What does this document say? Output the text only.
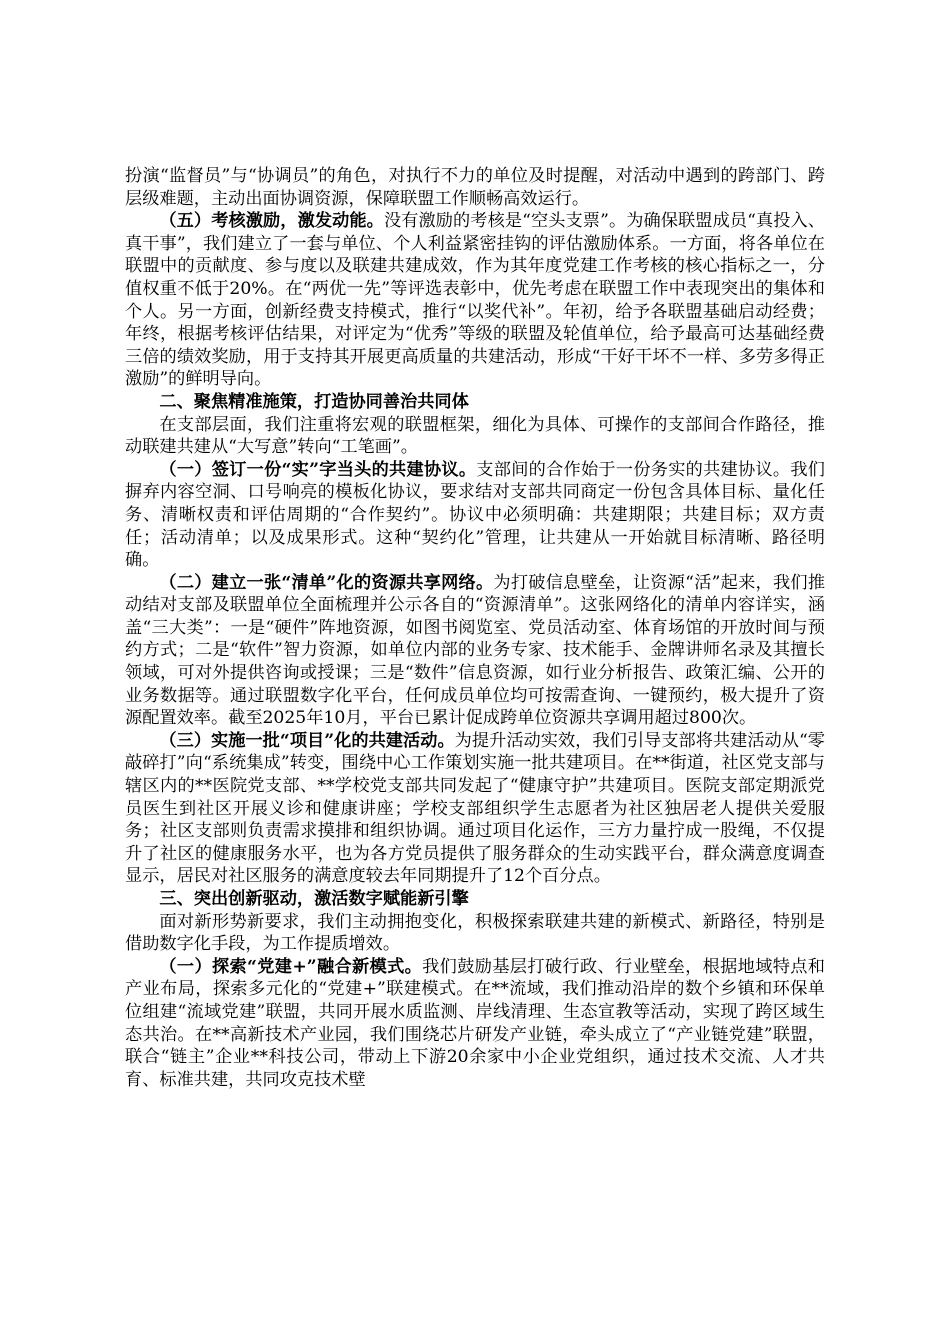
扮演“监督员”与“协调员”的角色，对执行不力的单位及时提醒，对活动中遇到的跨部门、跨层级难题，主动出面协调资源，保障联盟工作顺畅高效运行。

（五）考核激励，激发动能。没有激励的考核是“空头支票”。为确保联盟成员“真投入、真干事”，我们建立了一套与单位、个人利益紧密挂钩的评估激励体系。一方面，将各单位在联盟中的贡献度、参与度以及联建共建成效，作为其年度党建工作考核的核心指标之一，分值权重不低于20%。在“两优一先”等评选表彰中，优先考虑在联盟工作中表现突出的集体和个人。另一方面，创新经费支持模式，推行“以奖代补”。年初，给予各联盟基础启动经费；年终，根据考核评估结果，对评定为“优秀”等级的联盟及轮值单位，给予最高可达基础经费三倍的绩效奖励，用于支持其开展更高质量的共建活动，形成“干好干坏不一样、多劳多得正激励”的鲜明导向。

二、聚焦精准施策，打造协同善治共同体

在支部层面，我们注重将宏观的联盟框架，细化为具体、可操作的支部间合作路径，推动联建共建从“大写意”转向“工笔画”。

（一）签订一份“实”字当头的共建协议。支部间的合作始于一份务实的共建协议。我们摒弃内容空洞、口号响亮的模板化协议，要求结对支部共同商定一份包含具体目标、量化任务、清晰权责和评估周期的“合作契约”。协议中必须明确：共建期限；共建目标；双方责任；活动清单；以及成果形式。这种“契约化”管理，让共建从一开始就目标清晰、路径明确。

（二）建立一张“清单”化的资源共享网络。为打破信息壁垒，让资源“活”起来，我们推动结对支部及联盟单位全面梳理并公示各自的“资源清单”。这张网络化的清单内容详实，涵盖“三大类”：一是“硬件”阵地资源，如图书阅览室、党员活动室、体育场馆的开放时间与预约方式；二是“软件”智力资源，如单位内部的业务专家、技术能手、金牌讲师名录及其擅长领域，可对外提供咨询或授课；三是“数件”信息资源，如行业分析报告、政策汇编、公开的业务数据等。通过联盟数字化平台，任何成员单位均可按需查询、一键预约，极大提升了资源配置效率。截至2025年10月，平台已累计促成跨单位资源共享调用超过800次。

（三）实施一批“项目”化的共建活动。为提升活动实效，我们引导支部将共建活动从“零敲碎打”向“系统集成”转变，围绕中心工作策划实施一批共建项目。在**街道，社区党支部与辖区内的**医院党支部、**学校党支部共同发起了“健康守护”共建项目。医院支部定期派党员医生到社区开展义诊和健康讲座；学校支部组织学生志愿者为社区独居老人提供关爱服务；社区支部则负责需求摸排和组织协调。通过项目化运作，三方力量拧成一股绳，不仅提升了社区的健康服务水平，也为各方党员提供了服务群众的生动实践平台，群众满意度调查显示，居民对社区服务的满意度较去年同期提升了12个百分点。

三、突出创新驱动，激活数字赋能新引擎

面对新形势新要求，我们主动拥抱变化，积极探索联建共建的新模式、新路径，特别是借助数字化手段，为工作提质增效。

（一）探索“党建+”融合新模式。我们鼓励基层打破行政、行业壁垒，根据地域特点和产业布局，探索多元化的“党建+”联建模式。在**流域，我们推动沿岸的数个乡镇和环保单位组建“流域党建”联盟，共同开展水质监测、岸线清理、生态宣教等活动，实现了跨区域生态共治。在**高新技术产业园，我们围绕芯片研发产业链，牵头成立了“产业链党建”联盟，联合“链主”企业**科技公司，带动上下游20余家中小企业党组织，通过技术交流、人才共育、标准共建，共同攻克技术壁
